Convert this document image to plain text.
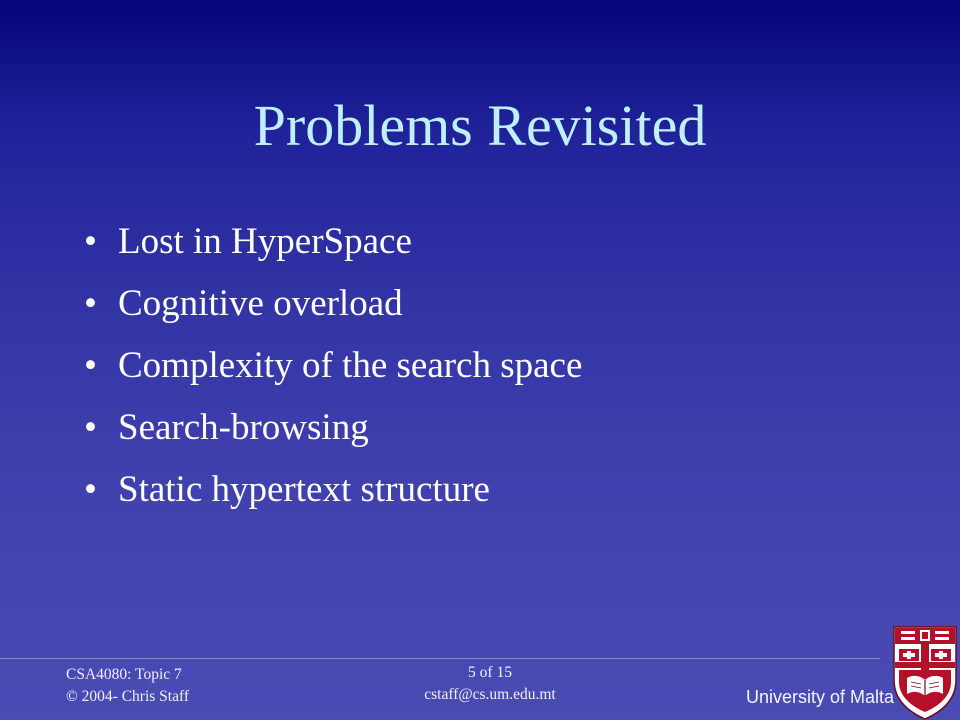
Problems Revisited
• Lost in HyperSpace
• Cognitive overload
• Complexity of the search space
• Search-browsing
• Static hypertext structure
CSA4080: Topic 7
© 2004- Chris Staff
5 of 15
cstaff@cs.um.edu.mt	University of Malta
